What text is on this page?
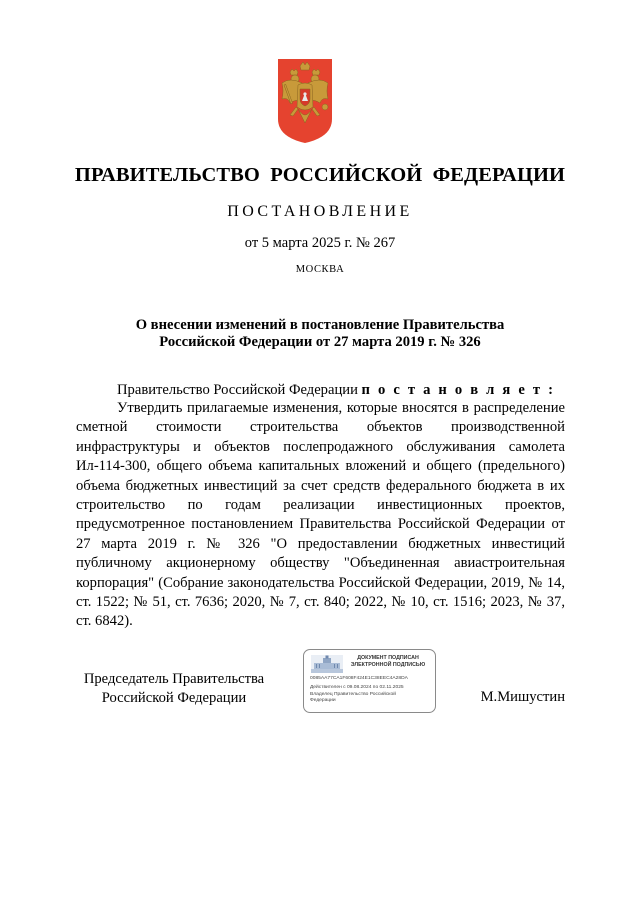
ПРАВИТЕЛЬСТВО РОССИЙСКОЙ ФЕДЕРАЦИИ
ПОСТАНОВЛЕНИЕ
от 5 марта 2025 г. № 267
МОСКВА
О внесении изменений в постановление Правительства
Российской Федерации от 27 марта 2019 г. № 326
Правительство Российской Федерации п о с т а н о в л я е т :
Утвердить прилагаемые изменения, которые вносятся в распределение сметной стоимости строительства объектов производственной инфраструктуры и объектов послепродажного обслуживания самолета Ил-114-300, общего объема капитальных вложений и общего (предельного) объема бюджетных инвестиций за счет средств федерального бюджета в их строительство по годам реализации инвестиционных проектов, предусмотренное постановлением Правительства Российской Федерации от 27 марта 2019 г. № 326 "О предоставлении бюджетных инвестиций публичному акционерному обществу "Объединенная авиастроительная корпорация" (Собрание законодательства Российской Федерации, 2019, № 14, ст. 1522; № 51, ст. 7636; 2020, № 7, ст. 840; 2022, № 10, ст. 1516; 2023, № 37, ст. 6842).
Председатель Правительства
Российской Федерации
ДОКУМЕНТ ПОДПИСАН
ЭЛЕКТРОННОЙ ПОДПИСЬЮ
0085AA77CA1F608F424E1C38EEC4A28DA
Действителен с 09.08.2024 по 02.11.2025
Владелец Правительство Российской
Федерации	М.Мишустин
